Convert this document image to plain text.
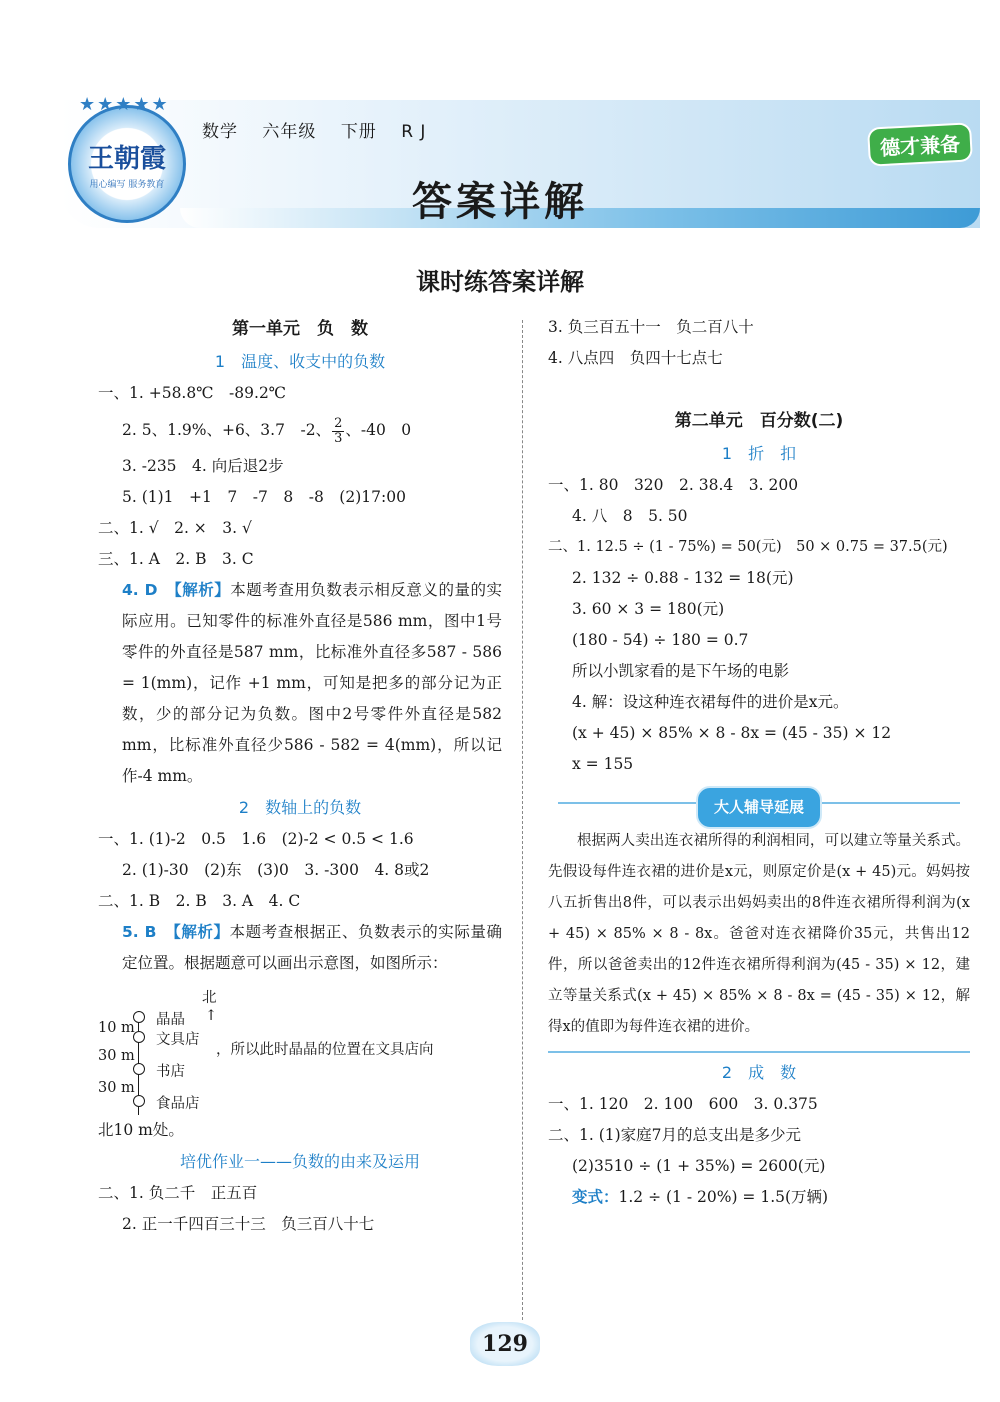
★★★★★
王朝霞
用心编写 服务教育
数学 六年级 下册 R J	德才兼备
答案详解
课时练答案详解
第一单元　负　数
1　温度、收支中的负数
一、1. +58.8℃　-89.2℃
2. 5、1.9%、+6、3.7　-2、 $\frac{2}{3}$ 、-40　0
3. -235　4. 向后退2步
5. (1)1　+1　7　-7　8　-8　(2)17:00
二、1. √　2. ×　3. √
三、1. A　2. B　3. C
4. D　【解析】本题考查用负数表示相反意义的量的实际应用。已知零件的标准外直径是586 mm，图中1号零件的外直径是587 mm，比标准外直径多587 - 586 = 1(mm)，记作 +1 mm，可知是把多的部分记为正数，少的部分记为负数。图中2号零件外直径是582 mm，比标准外直径少586 - 582 = 4(mm)，所以记作-4 mm。
2　数轴上的负数
一、1. (1)-2　0.5　1.6　(2)-2 < 0.5 < 1.6
2. (1)-30　(2)东　(3)0　3. -300　4. 8或2
二、1. B　2. B　3. A　4. C
5. B　【解析】本题考查根据正、负数表示的实际量确定位置。根据题意可以画出示意图，如图所示：
北
↑
10 m
30 m
30 m
晶晶
文具店
书店
食品店
，所以此时晶晶的位置在文具店向
北10 m处。
培优作业一——负数的由来及运用
二、1. 负二千　正五百
2. 正一千四百三十三　负三百八十七
3. 负三百五十一　负二百八十
4. 八点四　负四十七点七
第二单元　百分数(二)
1　折　扣
一、1. 80　320　2. 38.4　3. 200
4. 八　8　5. 50
二、1. 12.5 ÷ (1 - 75%) = 50(元)　50 × 0.75 = 37.5(元)
2. 132 ÷ 0.88 - 132 = 18(元)
3. 60 × 3 = 180(元)
(180 - 54) ÷ 180 = 0.7
所以小凯家看的是下午场的电影
4. 解：设这种连衣裙每件的进价是x元。
(x + 45) × 85% × 8 - 8x = (45 - 35) × 12
x = 155
大人辅导延展
根据两人卖出连衣裙所得的利润相同，可以建立等量关系式。先假设每件连衣裙的进价是x元，则原定价是(x + 45)元。妈妈按八五折售出8件，可以表示出妈妈卖出的8件连衣裙所得利润为(x + 45) × 85% × 8 - 8x。爸爸对连衣裙降价35元，共售出12件，所以爸爸卖出的12件连衣裙所得利润为(45 - 35) × 12，建立等量关系式(x + 45) × 85% × 8 - 8x = (45 - 35) × 12，解得x的值即为每件连衣裙的进价。
2　成　数
一、1. 120　2. 100　600　3. 0.375
二、1. (1)家庭7月的总支出是多少元
(2)3510 ÷ (1 + 35%) = 2600(元)
变式：1.2 ÷ (1 - 20%) = 1.5(万辆)
129
